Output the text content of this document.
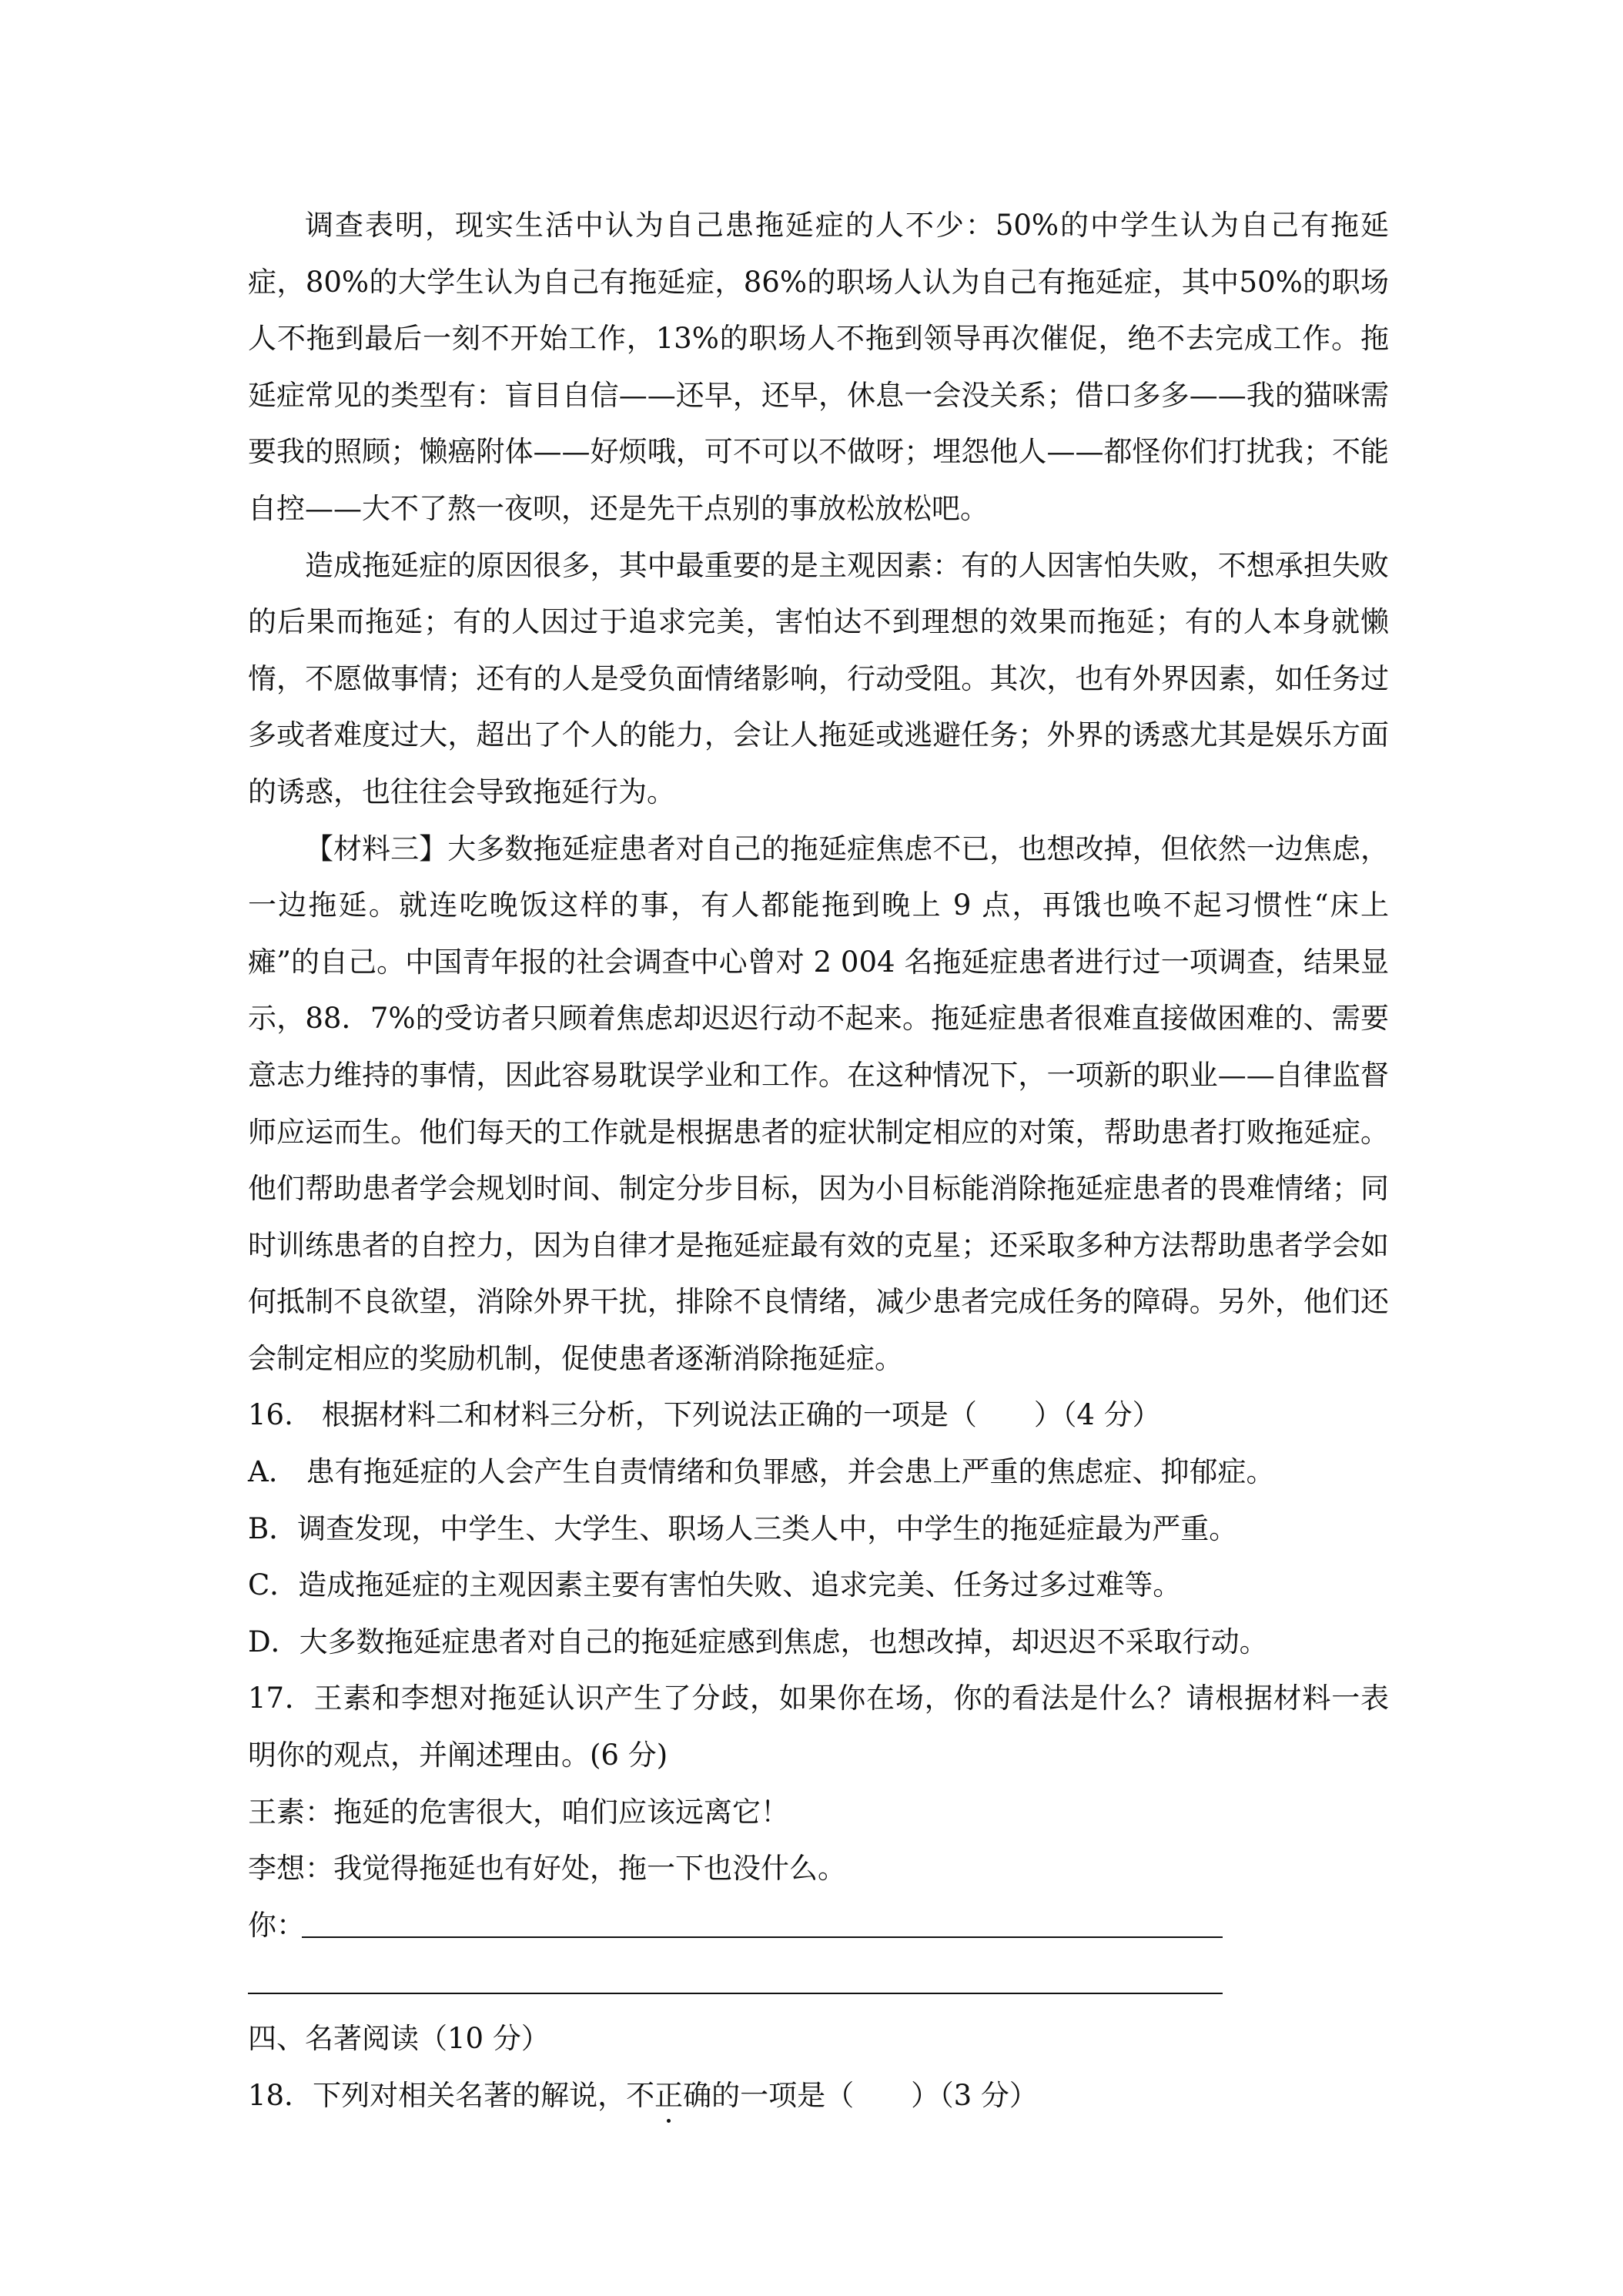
调查表明，现实生活中认为自己患拖延症的人不少：50%的中学生认为自己有拖延症，80%的大学生认为自己有拖延症，86%的职场人认为自己有拖延症，其中50%的职场人不拖到最后一刻不开始工作，13%的职场人不拖到领导再次催促，绝不去完成工作。拖延症常见的类型有：盲目自信——还早，还早，休息一会没关系；借口多多——我的猫咪需要我的照顾；懒癌附体——好烦哦，可不可以不做呀；埋怨他人——都怪你们打扰我；不能自控——大不了熬一夜呗，还是先干点别的事放松放松吧。

造成拖延症的原因很多，其中最重要的是主观因素：有的人因害怕失败，不想承担失败的后果而拖延；有的人因过于追求完美，害怕达不到理想的效果而拖延；有的人本身就懒惰，不愿做事情；还有的人是受负面情绪影响，行动受阻。其次，也有外界因素，如任务过多或者难度过大，超出了个人的能力，会让人拖延或逃避任务；外界的诱惑尤其是娱乐方面的诱惑，也往往会导致拖延行为。

【材料三】大多数拖延症患者对自己的拖延症焦虑不已，也想改掉，但依然一边焦虑，一边拖延。就连吃晚饭这样的事，有人都能拖到晚上 9 点，再饿也唤不起习惯性“床上瘫”的自己。中国青年报的社会调查中心曾对 2 004 名拖延症患者进行过一项调查，结果显示，88．7%的受访者只顾着焦虑却迟迟行动不起来。拖延症患者很难直接做困难的、需要意志力维持的事情，因此容易耽误学业和工作。在这种情况下，一项新的职业——自律监督师应运而生。他们每天的工作就是根据患者的症状制定相应的对策，帮助患者打败拖延症。他们帮助患者学会规划时间、制定分步目标，因为小目标能消除拖延症患者的畏难情绪；同时训练患者的自控力，因为自律才是拖延症最有效的克星；还采取多种方法帮助患者学会如何抵制不良欲望，消除外界干扰，排除不良情绪，减少患者完成任务的障碍。另外，他们还会制定相应的奖励机制，促使患者逐渐消除拖延症。

16.　根据材料二和材料三分析，下列说法正确的一项是（　　）（4 分）

A.　患有拖延症的人会产生自责情绪和负罪感，并会患上严重的焦虑症、抑郁症。

B．调查发现，中学生、大学生、职场人三类人中，中学生的拖延症最为严重。

C．造成拖延症的主观因素主要有害怕失败、追求完美、任务过多过难等。

D．大多数拖延症患者对自己的拖延症感到焦虑，也想改掉，却迟迟不采取行动。

17．王素和李想对拖延认识产生了分歧，如果你在场，你的看法是什么？请根据材料一表明你的观点，并阐述理由。(6 分)

王素：拖延的危害很大，咱们应该远离它！

李想：我觉得拖延也有好处，拖一下也没什么。

你：

四、名著阅读（10 分）

18．下列对相关名著的解说，不正确的一项是（　　）（3 分）
